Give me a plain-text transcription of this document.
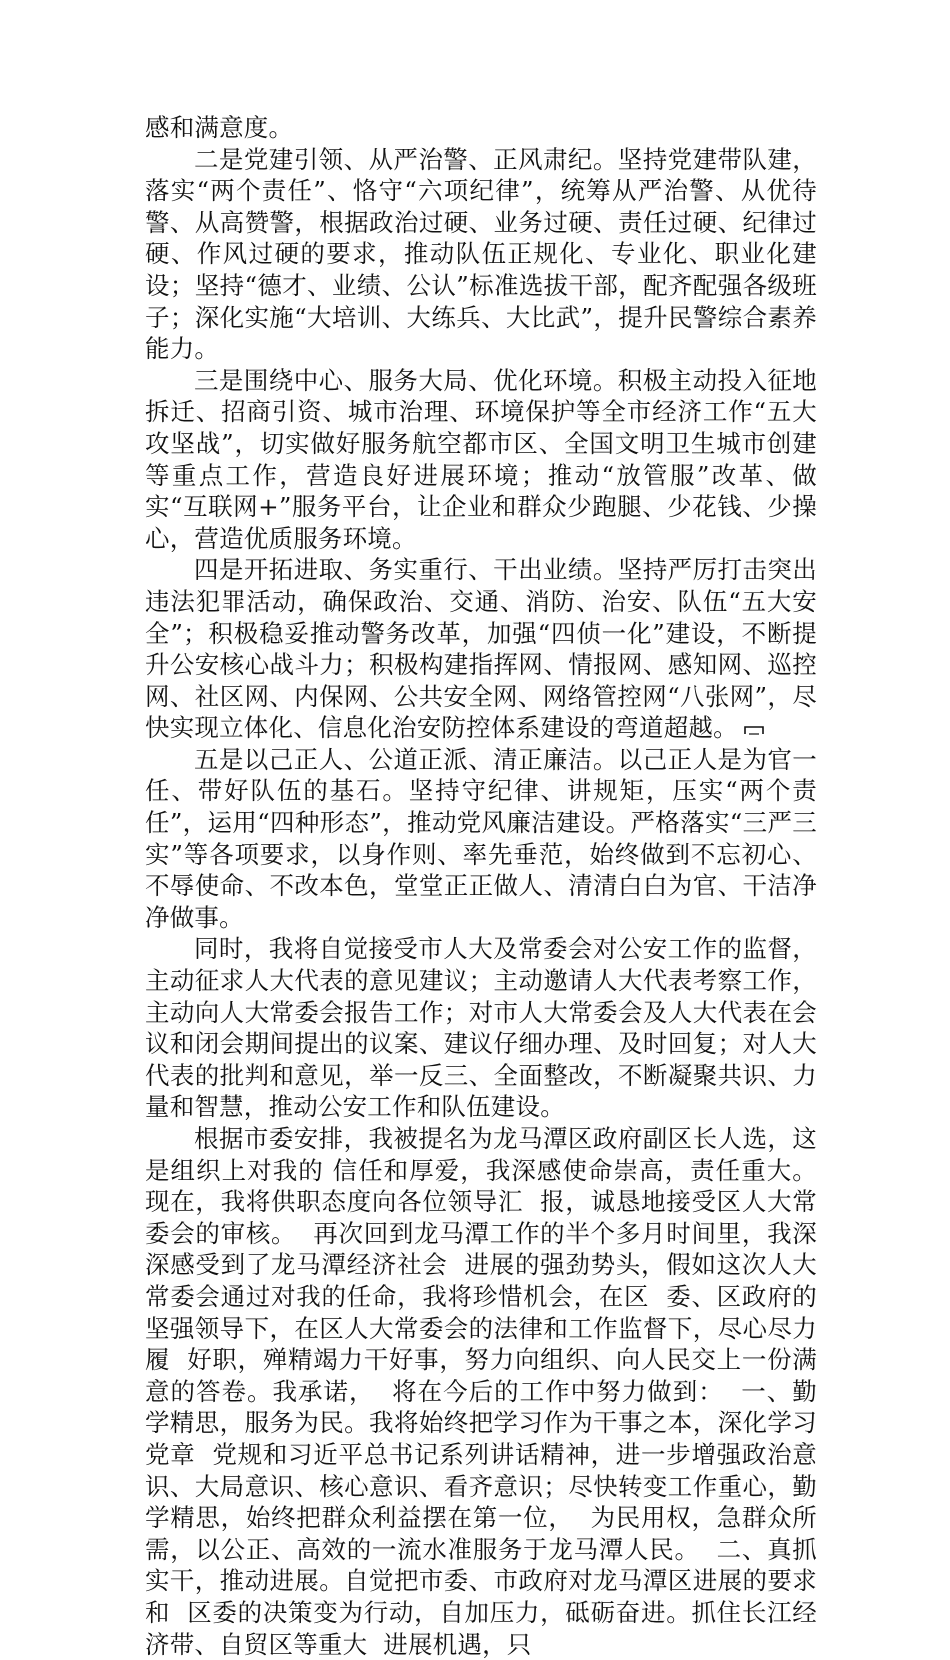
感和满意度。

二是党建引领、从严治警、正风肃纪。坚持党建带队建，落实“两个责任”、恪守“六项纪律”，统筹从严治警、从优待警、从高赞警，根据政治过硬、业务过硬、责任过硬、纪律过硬、作风过硬的要求，推动队伍正规化、专业化、职业化建设；坚持“德才、业绩、公认”标准选拔干部，配齐配强各级班子；深化实施“大培训、大练兵、大比武”，提升民警综合素养能力。

三是围绕中心、服务大局、优化环境。积极主动投入征地拆迁、招商引资、城市治理、环境保护等全市经济工作“五大攻坚战”，切实做好服务航空都市区、全国文明卫生城市创建等重点工作，营造良好进展环境；推动“放管服”改革、做实“互联网+”服务平台，让企业和群众少跑腿、少花钱、少操心，营造优质服务环境。

四是开拓进取、务实重行、干出业绩。坚持严厉打击突出违法犯罪活动，确保政治、交通、消防、治安、队伍“五大安全”；积极稳妥推动警务改革，加强“四侦一化”建设，不断提升公安核心战斗力；积极构建指挥网、情报网、感知网、巡控网、社区网、内保网、公共安全网、网络管控网“八张网”，尽快实现立体化、信息化治安防控体系建设的弯道超越。

五是以己正人、公道正派、清正廉洁。以己正人是为官一任、带好队伍的基石。坚持守纪律、讲规矩，压实“两个责任”，运用“四种形态”，推动党风廉洁建设。严格落实“三严三实”等各项要求，以身作则、率先垂范，始终做到不忘初心、不辱使命、不改本色，堂堂正正做人、清清白白为官、干洁净净做事。

同时，我将自觉接受市人大及常委会对公安工作的监督，主动征求人大代表的意见建议；主动邀请人大代表考察工作，主动向人大常委会报告工作；对市人大常委会及人大代表在会议和闭会期间提出的议案、建议仔细办理、及时回复；对人大代表的批判和意见，举一反三、全面整改，不断凝聚共识、力量和智慧，推动公安工作和队伍建设。

根据市委安排，我被提名为龙马潭区政府副区长人选，这是组织上对我的 信任和厚爱，我深感使命崇高，责任重大。现在，我将供职态度向各位领导汇  报，诚恳地接受区人大常委会的审核。  再次回到龙马潭工作的半个多月时间里，我深深感受到了龙马潭经济社会  进展的强劲势头，假如这次人大常委会通过对我的任命，我将珍惜机会，在区  委、区政府的坚强领导下，在区人大常委会的法律和工作监督下，尽心尽力履  好职，殚精竭力干好事，努力向组织、向人民交上一份满意的答卷。我承诺，  将在今后的工作中努力做到：  一、勤学精思，服务为民。我将始终把学习作为干事之本，深化学习党章  党规和习近平总书记系列讲话精神，进一步增强政治意识、大局意识、核心意识、看齐意识；尽快转变工作重心，勤学精思，始终把群众利益摆在第一位，  为民用权，急群众所需，以公正、高效的一流水准服务于龙马潭人民。  二、真抓实干，推动进展。自觉把市委、市政府对龙马潭区进展的要求和  区委的决策变为行动，自加压力，砥砺奋进。抓住长江经济带、自贸区等重大  进展机遇，只
